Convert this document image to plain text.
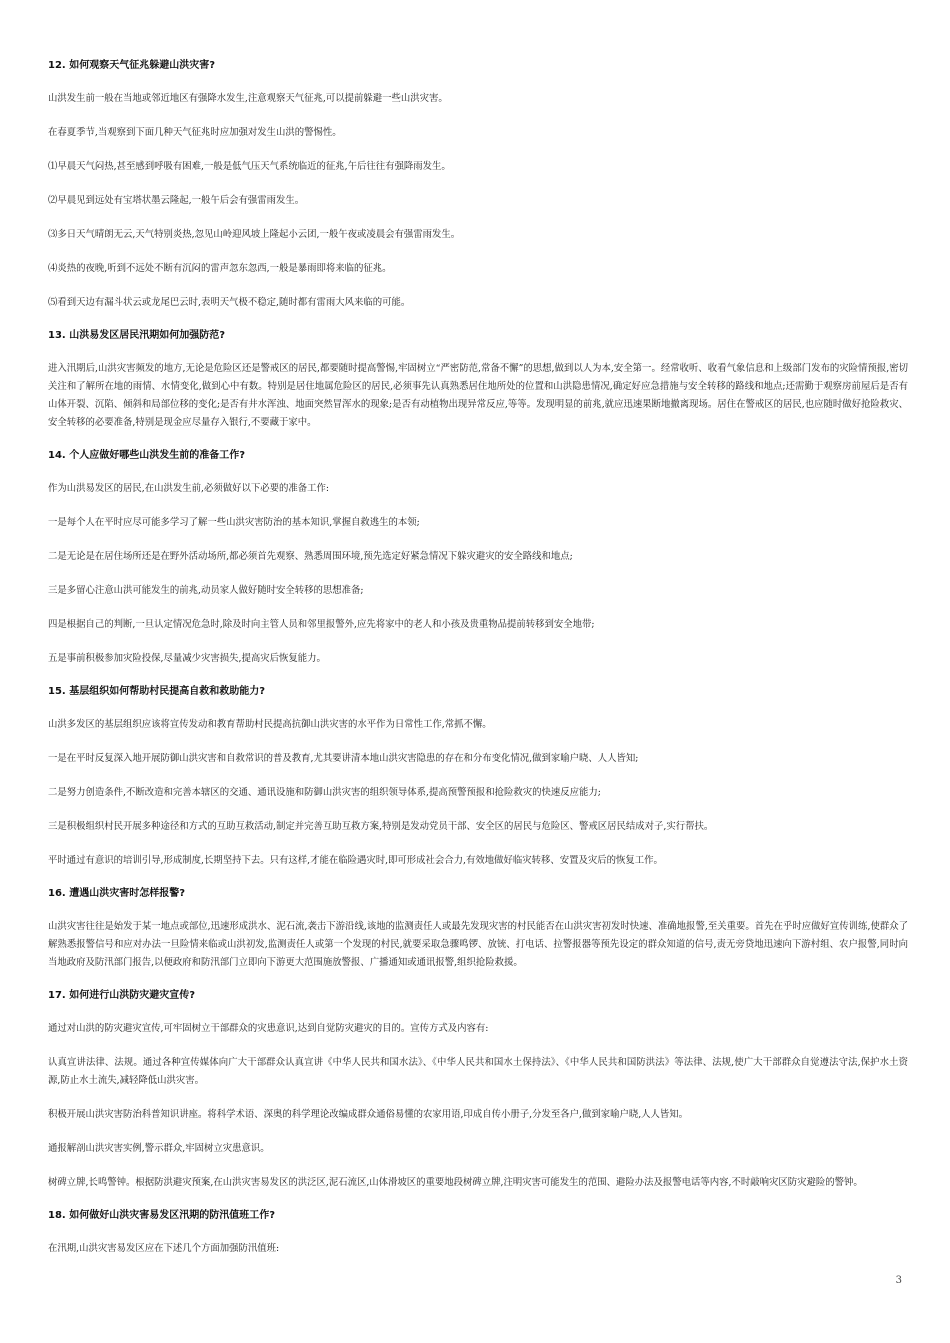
12. 如何观察天气征兆躲避山洪灾害?
山洪发生前一般在当地或邻近地区有强降水发生,注意观察天气征兆,可以提前躲避一些山洪灾害。
在春夏季节,当观察到下面几种天气征兆时应加强对发生山洪的警惕性。
⑴早晨天气闷热,甚至感到呼吸有困难,一般是低气压天气系统临近的征兆,午后往往有强降雨发生。
⑵早晨见到远处有宝塔状墨云隆起,一般午后会有强雷雨发生。
⑶多日天气晴朗无云,天气特别炎热,忽见山岭迎风坡上隆起小云团,一般午夜或凌晨会有强雷雨发生。
⑷炎热的夜晚,听到不远处不断有沉闷的雷声忽东忽西,一般是暴雨即将来临的征兆。
⑸看到天边有漏斗状云或龙尾巴云时,表明天气极不稳定,随时都有雷雨大风来临的可能。
13. 山洪易发区居民汛期如何加强防范?
进入汛期后,山洪灾害频发的地方,无论是危险区还是警戒区的居民,都要随时提高警惕,牢固树立“严密防范,常备不懈”的思想,做到以人为本,安全第一。经常收听、收看气象信息和上级部门发布的灾险情预报,密切关注和了解所在地的雨情、水情变化,做到心中有数。特别是居住地属危险区的居民,必须事先认真熟悉居住地所处的位置和山洪隐患情况,确定好应急措施与安全转移的路线和地点;还需勤于观察房前屋后是否有山体开裂、沉陷、倾斜和局部位移的变化;是否有井水浑浊、地面突然冒浑水的现象;是否有动植物出现异常反应,等等。发现明显的前兆,就应迅速果断地撤离现场。居住在警戒区的居民,也应随时做好抢险救灾、安全转移的必要准备,特别是现金应尽量存入银行,不要藏于家中。
14. 个人应做好哪些山洪发生前的准备工作?
作为山洪易发区的居民,在山洪发生前,必须做好以下必要的准备工作:
一是每个人在平时应尽可能多学习了解一些山洪灾害防治的基本知识,掌握自救逃生的本领;
二是无论是在居住场所还是在野外活动场所,都必须首先观察、熟悉周围环境,预先选定好紧急情况下躲灾避灾的安全路线和地点;
三是多留心注意山洪可能发生的前兆,动员家人做好随时安全转移的思想准备;
四是根据自己的判断,一旦认定情况危急时,除及时向主管人员和邻里报警外,应先将家中的老人和小孩及贵重物品提前转移到安全地带;
五是事前积极参加灾险投保,尽量减少灾害损失,提高灾后恢复能力。
15. 基层组织如何帮助村民提高自救和救助能力?
山洪多发区的基层组织应该将宣传发动和教育帮助村民提高抗御山洪灾害的水平作为日常性工作,常抓不懈。
一是在平时反复深入地开展防御山洪灾害和自救常识的普及教育,尤其要讲清本地山洪灾害隐患的存在和分布变化情况,做到家喻户晓、人人皆知;
二是努力创造条件,不断改造和完善本辖区的交通、通讯设施和防御山洪灾害的组织领导体系,提高预警预报和抢险救灾的快速反应能力;
三是积极组织村民开展多种途径和方式的互助互救活动,制定并完善互助互救方案,特别是发动党员干部、安全区的居民与危险区、警戒区居民结成对子,实行帮扶。
平时通过有意识的培训引导,形成制度,长期坚持下去。只有这样,才能在临险遇灾时,即可形成社会合力,有效地做好临灾转移、安置及灾后的恢复工作。
16. 遭遇山洪灾害时怎样报警?
山洪灾害往往是始发于某一地点或部位,迅速形成洪水、泥石流,袭击下游沿线,该地的监测责任人或最先发现灾害的村民能否在山洪灾害初发时快速、准确地报警,至关重要。首先在乎时应做好宣传训练,使群众了解熟悉报警信号和应对办法一旦险情来临或山洪初发,监测责任人或第一个发现的村民,就要采取急骤鸣锣、放铳、打电话、拉警报器等预先设定的群众知道的信号,责无旁贷地迅速向下游村组、农户报警,同时向当地政府及防汛部门报告,以便政府和防汛部门立即向下游更大范围施放警报、广播通知或通讯报警,组织抢险救援。
17. 如何进行山洪防灾避灾宣传?
通过对山洪的防灾避灾宣传,可牢固树立干部群众的灾患意识,达到自觉防灾避灾的目的。宣传方式及内容有:
认真宣讲法律、法规。通过各种宣传媒体向广大干部群众认真宣讲《中华人民共和国水法》、《中华人民共和国水土保持法》、《中华人民共和国防洪法》等法律、法规,使广大干部群众自觉遵法守法,保护水土资源,防止水土流失,减轻降低山洪灾害。
积极开展山洪灾害防治科普知识讲座。将科学术语、深奥的科学理论改编成群众通俗易懂的农家用语,印成自传小册子,分发至各户,做到家喻户晓,人人皆知。
通报解剖山洪灾害实例,警示群众,牢固树立灾患意识。
树碑立牌,长鸣警钟。根据防洪避灾预案,在山洪灾害易发区的洪泛区,泥石流区,山体滑坡区的重要地段树碑立牌,注明灾害可能发生的范围、避险办法及报警电话等内容,不时敲响灾区防灾避险的警钟。
18. 如何做好山洪灾害易发区汛期的防汛值班工作?
在汛期,山洪灾害易发区应在下述几个方面加强防汛值班:
3
